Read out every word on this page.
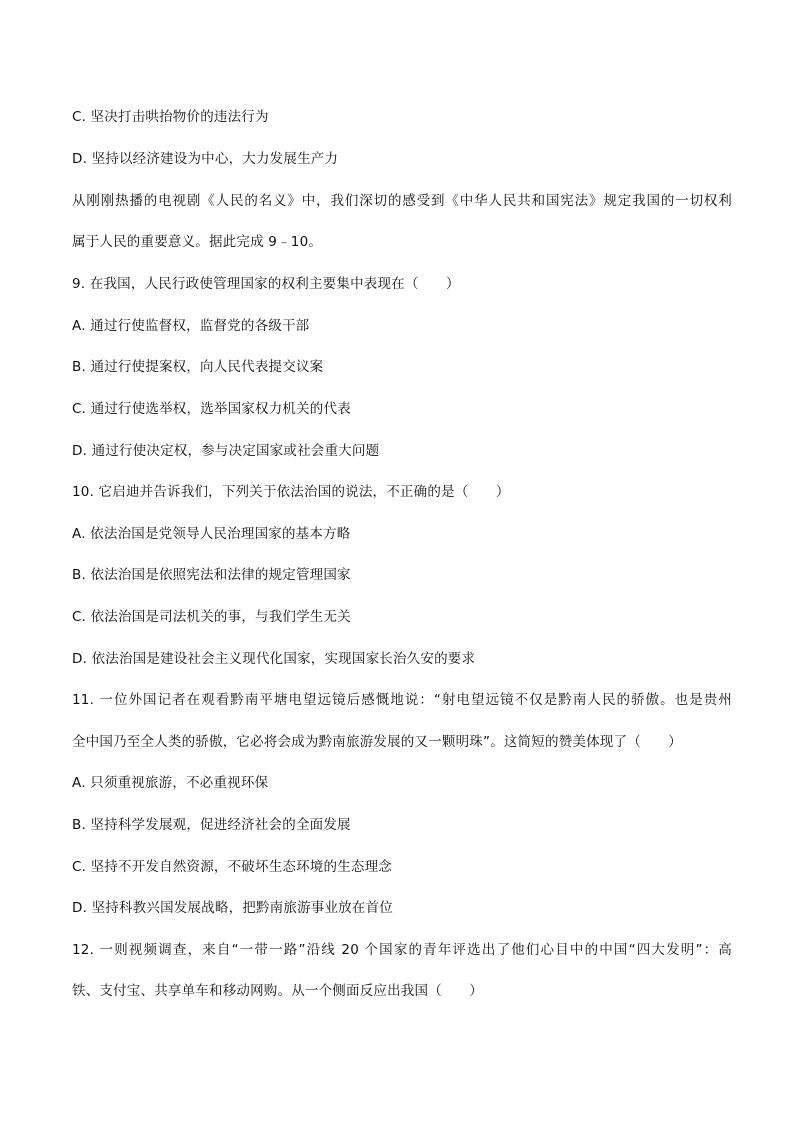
C. 坚决打击哄抬物价的违法行为
D. 坚持以经济建设为中心，大力发展生产力
从刚刚热播的电视剧《人民的名义》中，我们深切的感受到《中华人民共和国宪法》规定我国的一切权利
属于人民的重要意义。据此完成 9﹣10。
9. 在我国，人民行政使管理国家的权利主要集中表现在（　　）
A. 通过行使监督权，监督党的各级干部
B. 通过行使提案权，向人民代表提交议案
C. 通过行使选举权，选举国家权力机关的代表
D. 通过行使决定权，参与决定国家或社会重大问题
10. 它启迪并告诉我们，下列关于依法治国的说法，不正确的是（　　）
A. 依法治国是党领导人民治理国家的基本方略
B. 依法治国是依照宪法和法律的规定管理国家
C. 依法治国是司法机关的事，与我们学生无关
D. 依法治国是建设社会主义现代化国家，实现国家长治久安的要求
11. 一位外国记者在观看黔南平塘电望远镜后感慨地说：“射电望远镜不仅是黔南人民的骄傲。也是贵州
全中国乃至全人类的骄傲，它必将会成为黔南旅游发展的又一颗明珠”。这简短的赞美体现了（　　）
A. 只须重视旅游，不必重视环保
B. 坚持科学发展观，促进经济社会的全面发展
C. 坚持不开发自然资源，不破坏生态环境的生态理念
D. 坚持科教兴国发展战略，把黔南旅游事业放在首位
12. 一则视频调查，来自“一带一路”沿线 20 个国家的青年评选出了他们心目中的中国“四大发明”：高
铁、支付宝、共享单车和移动网购。从一个侧面反应出我国（　　）
